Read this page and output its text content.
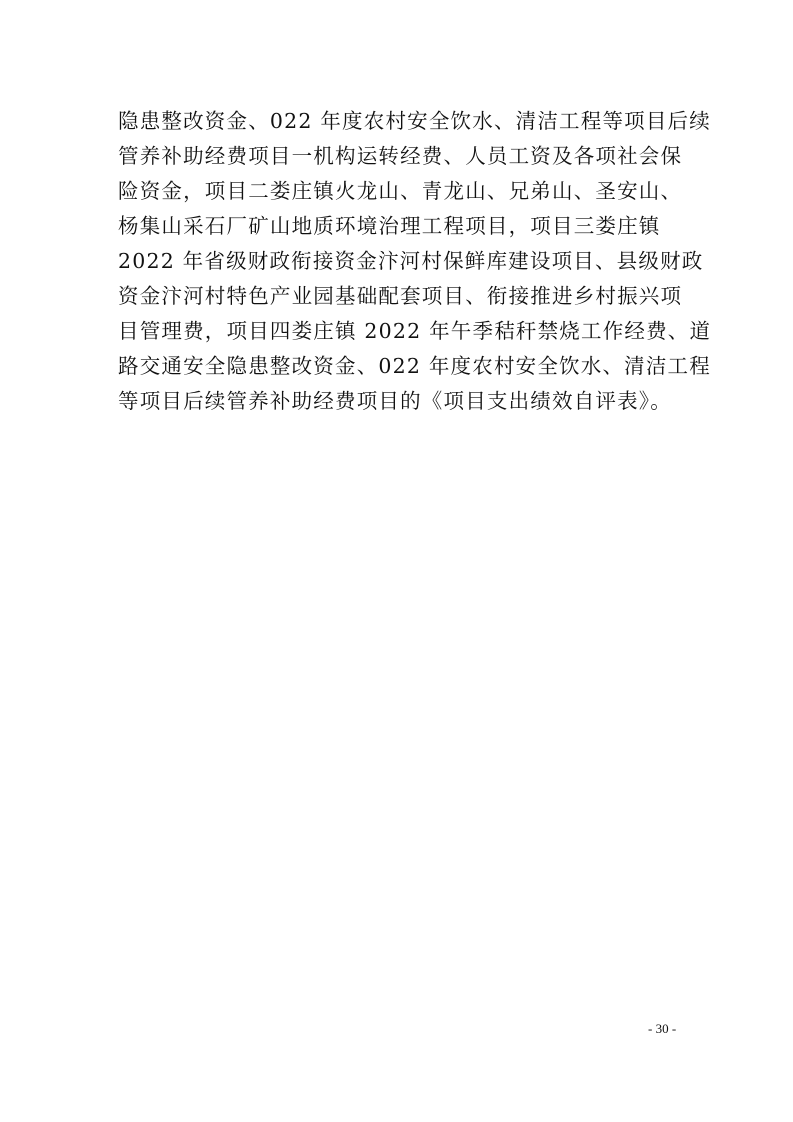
隐患整改资金、022 年度农村安全饮水、清洁工程等项目后续
管养补助经费项目一机构运转经费、人员工资及各项社会保
险资金，项目二娄庄镇火龙山、青龙山、兄弟山、圣安山、
杨集山采石厂矿山地质环境治理工程项目，项目三娄庄镇
2022 年省级财政衔接资金汴河村保鲜库建设项目、县级财政
资金汴河村特色产业园基础配套项目、衔接推进乡村振兴项
目管理费，项目四娄庄镇 2022 年午季秸秆禁烧工作经费、道
路交通安全隐患整改资金、022 年度农村安全饮水、清洁工程
等项目后续管养补助经费项目的《项目支出绩效自评表》。
- 30 -
